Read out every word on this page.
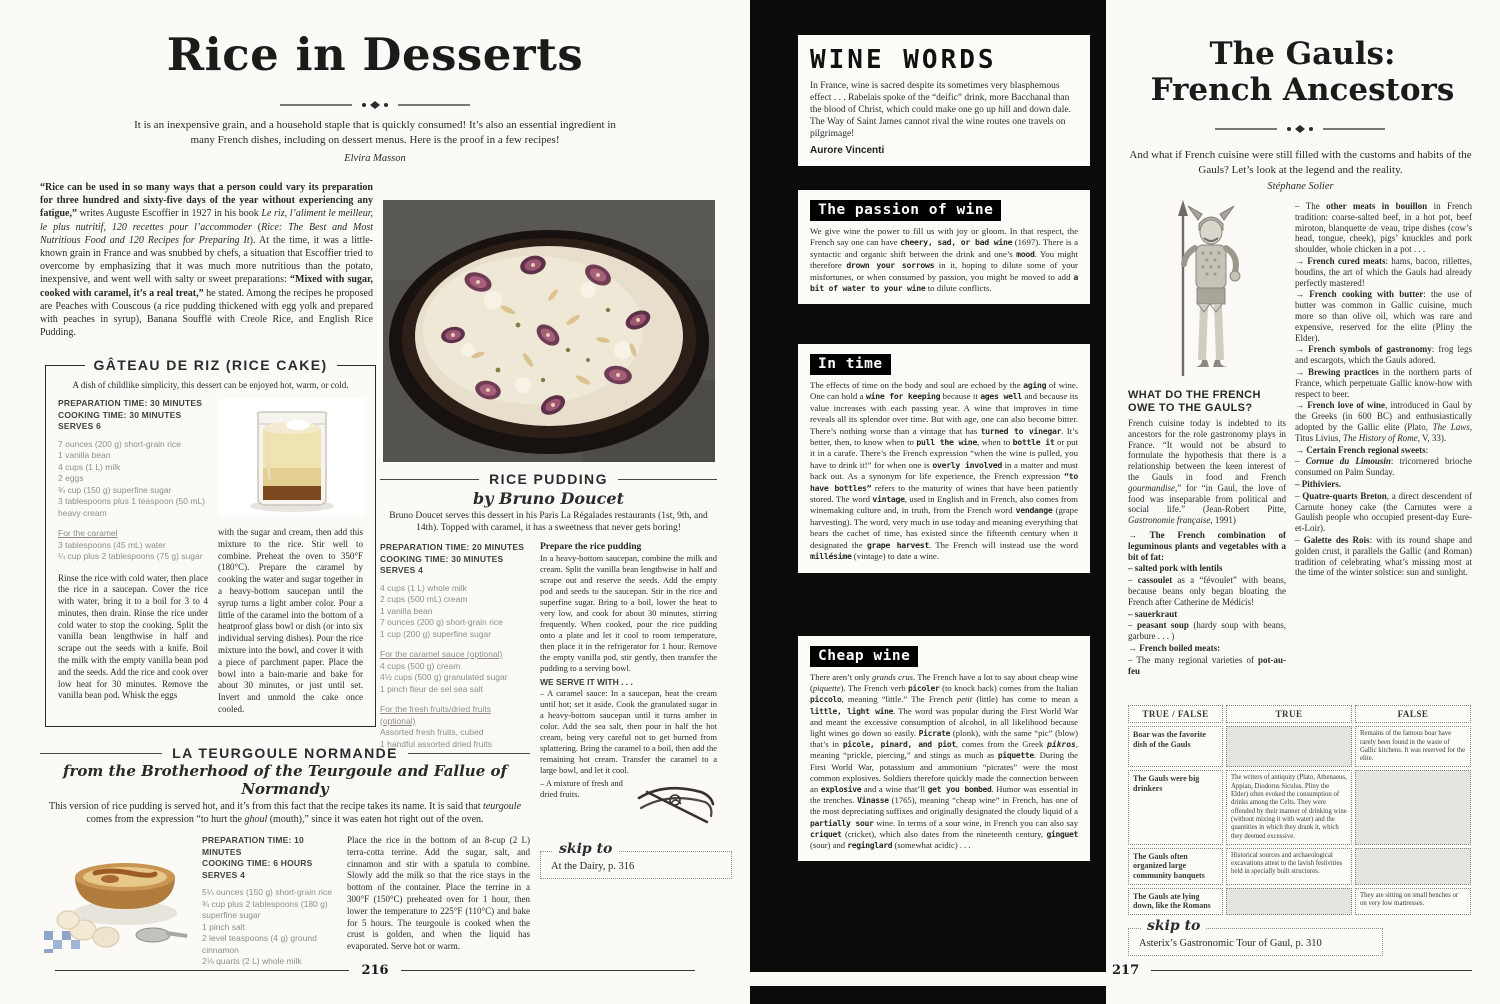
Rice in Desserts
It is an inexpensive grain, and a household staple that is quickly consumed! It’s also an essential ingredient in many French dishes, including on dessert menus. Here is the proof in a few recipes!
Elvira Masson
“Rice can be used in so many ways that a person could vary its preparation for three hundred and sixty-five days of the year without experiencing any fatigue,” writes Auguste Escoffier in 1927 in his book Le riz, l’aliment le meilleur, le plus nutritif, 120 recettes pour l’accommoder (Rice: The Best and Most Nutritious Food and 120 Recipes for Preparing It). At the time, it was a little-known grain in France and was snubbed by chefs, a situation that Escoffier tried to overcome by emphasizing that it was much more nutritious than the potato, inexpensive, and went well with salty or sweet preparations: “Mixed with sugar, cooked with caramel, it’s a real treat,” he stated. Among the recipes he proposed are Peaches with Couscous (a rice pudding thickened with egg yolk and prepared with peaches in syrup), Banana Soufflé with Creole Rice, and English Rice Pudding.
GÂTEAU DE RIZ (RICE CAKE)
A dish of childlike simplicity, this dessert can be enjoyed hot, warm, or cold.
PREPARATION TIME: 30 MINUTES
COOKING TIME: 30 MINUTES
SERVES 6
7 ounces (200 g) short-grain rice
1 vanilla bean
4 cups (1 L) milk
2 eggs
¾ cup (150 g) superfine sugar
3 tablespoons plus 1 teaspoon (50 mL) heavy cream
For the caramel
3 tablespoons (45 mL) water
¼ cup plus 2 tablespoons (75 g) sugar
Rinse the rice with cold water, then place the rice in a saucepan. Cover the rice with water, bring it to a boil for 3 to 4 minutes, then drain. Rinse the rice under cold water to stop the cooking. Split the vanilla bean lengthwise in half and scrape out the seeds with a knife. Boil the milk with the empty vanilla bean pod and the seeds. Add the rice and cook over low heat for 30 minutes. Remove the vanilla bean pod. Whisk the eggs
with the sugar and cream, then add this mixture to the rice. Stir well to combine. Preheat the oven to 350°F (180°C). Prepare the caramel by cooking the water and sugar together in a heavy-bottom saucepan until the syrup turns a light amber color. Pour a little of the caramel into the bottom of a heatproof glass bowl or dish (or into six individual serving dishes). Pour the rice mixture into the bowl, and cover it with a piece of parchment paper. Place the bowl into a bain-marie and bake for about 30 minutes, or just until set. Invert and unmold the cake once cooled.
RICE PUDDING
by Bruno Doucet
Bruno Doucet serves this dessert in his Paris La Régalades restaurants (1st, 9th, and 14th). Topped with caramel, it has a sweetness that never gets boring!
PREPARATION TIME: 20 MINUTES
COOKING TIME: 30 MINUTES
SERVES 4
4 cups (1 L) whole milk
2 cups (500 mL) cream
1 vanilla bean
7 ounces (200 g) short-grain rice
1 cup (200 g) superfine sugar
For the caramel sauce (optional)
4 cups (500 g) cream
4½ cups (500 g) granulated sugar
1 pinch fleur de sel sea salt
For the fresh fruits/dried fruits (optional)
Assorted fresh fruits, cubed
1 handful assorted dried fruits
Prepare the rice pudding
In a heavy-bottom saucepan, combine the milk and cream. Split the vanilla bean lengthwise in half and scrape out and reserve the seeds. Add the empty pod and seeds to the saucepan. Stir in the rice and superfine sugar. Bring to a boil, lower the heat to very low, and cook for about 30 minutes, stirring frequently. When cooked, pour the rice pudding onto a plate and let it cool to room temperature, then place it in the refrigerator for 1 hour. Remove the empty vanilla pod, stir gently, then transfer the pudding to a serving bowl.
WE SERVE IT WITH . . .
– A caramel sauce: In a saucepan, heat the cream until hot; set it aside. Cook the granulated sugar in a heavy-bottom saucepan until it turns amber in color. Add the sea salt, then pour in half the hot cream, being very careful not to get burned from splattering. Bring the caramel to a boil, then add the remaining hot cream. Transfer the caramel to a large bowl, and let it cool.
– A mixture of fresh and dried fruits.
skip to
At the Dairy, p. 316
LA TEURGOULE NORMANDE
from the Brotherhood of the Teurgoule and Fallue of Normandy
This version of rice pudding is served hot, and it’s from this fact that the recipe takes its name. It is said that teurgoule comes from the expression “to hurt the ghoul (mouth),” since it was eaten hot right out of the oven.
PREPARATION TIME: 10 MINUTES
COOKING TIME: 6 HOURS
SERVES 4
5¼ ounces (150 g) short-grain rice
¾ cup plus 2 tablespoons (180 g) superfine sugar
1 pinch salt
2 level teaspoons (4 g) ground cinnamon
2⅛ quarts (2 L) whole milk
Place the rice in the bottom of an 8-cup (2 L) terra-cotta terrine. Add the sugar, salt, and cinnamon and stir with a spatula to combine. Slowly add the milk so that the rice stays in the bottom of the container. Place the terrine in a 300°F (150°C) preheated oven for 1 hour, then lower the temperature to 225°F (110°C) and bake for 5 hours. The teurgoule is cooked when the crust is golden, and when the liquid has evaporated. Serve hot or warm.
216
WINE WORDS
In France, wine is sacred despite its sometimes very blasphemous effect . . . Rabelais spoke of the “deific” drink, more Bacchanal than the blood of Christ, which could make one go up hill and down dale. The Way of Saint James cannot rival the wine routes one travels on pilgrimage!
Aurore Vincenti
The passion of wine
We give wine the power to fill us with joy or gloom. In that respect, the French say one can have cheery, sad, or bad wine (1697). There is a syntactic and organic shift between the drink and one’s mood. You might therefore drown your sorrows in it, hoping to dilute some of your misfortunes, or when consumed by passion, you might be moved to add a bit of water to your wine to dilute conflicts.
In time
The effects of time on the body and soul are echoed by the aging of wine. One can hold a wine for keeping because it ages well and because its value increases with each passing year. A wine that improves in time reveals all its splendor over time. But with age, one can also become bitter. There’s nothing worse than a vintage that has turned to vinegar. It’s better, then, to know when to pull the wine, when to bottle it or put it in a carafe. There’s the French expression “when the wine is pulled, you have to drink it!” for when one is overly involved in a matter and must back out. As a synonym for life experience, the French expression “to have bottles” refers to the maturity of wines that have been patiently stored. The word vintage, used in English and in French, also comes from winemaking culture and, in truth, from the French word vendange (grape harvesting). The word, very much in use today and meaning everything that bears the cachet of time, has existed since the fifteenth century when it designated the grape harvest. The French will instead use the word millésime (vintage) to date a wine.
Cheap wine
There aren’t only grands crus. The French have a lot to say about cheap wine (piquette). The French verb picoler (to knock back) comes from the Italian piccolo, meaning “little.” The French petit (little) has come to mean a little, light wine. The word was popular during the First World War and meant the excessive consumption of alcohol, in all likelihood because light wines go down so easily. Picrate (plonk), with the same “pic” (blow) that’s in picole, pinard, and piot, comes from the Greek pikros, meaning “prickle, piercing,” and stings as much as piquette. During the First World War, potassium and ammonium “picrates” were the most common explosives. Soldiers therefore quickly made the connection between an explosive and a wine that’ll get you bombed. Humor was essential in the trenches. Vinasse (1765), meaning “cheap wine” in French, has one of the most depreciating suffixes and originally designated the cloudy liquid of a partially sour wine. In terms of a sour wine, in French you can also say criquet (cricket), which also dates from the nineteenth century, ginguet (sour) and reginglard (somewhat acidic) . . .
The Gauls:
French Ancestors
And what if French cuisine were still filled with the customs and habits of the Gauls? Let’s look at the legend and the reality.
Stéphane Solier
WHAT DO THE FRENCH OWE TO THE GAULS?
French cuisine today is indebted to its ancestors for the role gastronomy plays in France. “It would not be absurd to formulate the hypothesis that there is a relationship between the keen interest of the Gauls in food and French gourmandise,” for “in Gaul, the love of food was inseparable from political and social life.” (Jean-Robert Pitte, Gastronomie française, 1991)
→ The French combination of leguminous plants and vegetables with a bit of fat:
– salted pork with lentils
– cassoulet as a “févoulet” with beans, because beans only began bloating the French after Catherine de Médicis!
– sauerkraut
– peasant soup (hardy soup with beans, garbure . . . )
→ French boiled meats:
– The many regional varieties of pot-au-feu
– The other meats in bouillon in French tradition: coarse-salted beef, in a hot pot, beef miroton, blanquette de veau, tripe dishes (cow’s head, tongue, cheek), pigs’ knuckles and pork shoulder, whole chicken in a pot . . .
→ French cured meats: hams, bacon, rillettes, boudins, the art of which the Gauls had already perfectly mastered!
→ French cooking with butter: the use of butter was common in Gallic cuisine, much more so than olive oil, which was rare and expensive, reserved for the elite (Pliny the Elder).
→ French symbols of gastronomy: frog legs and escargots, which the Gauls adored.
→ Brewing practices in the northern parts of France, which perpetuate Gallic know-how with respect to beer.
→ French love of wine, introduced in Gaul by the Greeks (in 600 BC) and enthusiastically adopted by the Gallic elite (Plato, The Laws, Titus Livius, The History of Rome, V, 33).
→ Certain French regional sweets:
– Cornue du Limousin: tricornered brioche consumed on Palm Sunday.
– Pithiviers.
– Quatre-quarts Breton, a direct descendent of Carnute honey cake (the Carnutes were a Gaulish people who occupied present-day Eure-et-Loir).
– Galette des Rois: with its round shape and golden crust, it parallels the Gallic (and Roman) tradition of celebrating what’s missing most at the time of the winter solstice: sun and sunlight.
TRUE / FALSE	TRUE	FALSE
Boar was the favorite dish of the Gauls
Remains of the famous boar have rarely been found in the waste of Gallic kitchens. It was reserved for the elite.
The Gauls were big drinkers
The writers of antiquity (Plato, Athenaeus, Appian, Diodorus Siculus, Pliny the Elder) often evoked the consumption of drinks among the Celts. They were offended by their manner of drinking wine (without mixing it with water) and the quantities in which they drank it, which they deemed excessive.
The Gauls often organized large community banquets
Historical sources and archaeological excavations attest to the lavish festivities held in specially built structures.
The Gauls ate lying down, like the Romans
They ate sitting on small benches or on very low mattresses.
skip to
Asterix’s Gastronomic Tour of Gaul, p. 310
217
